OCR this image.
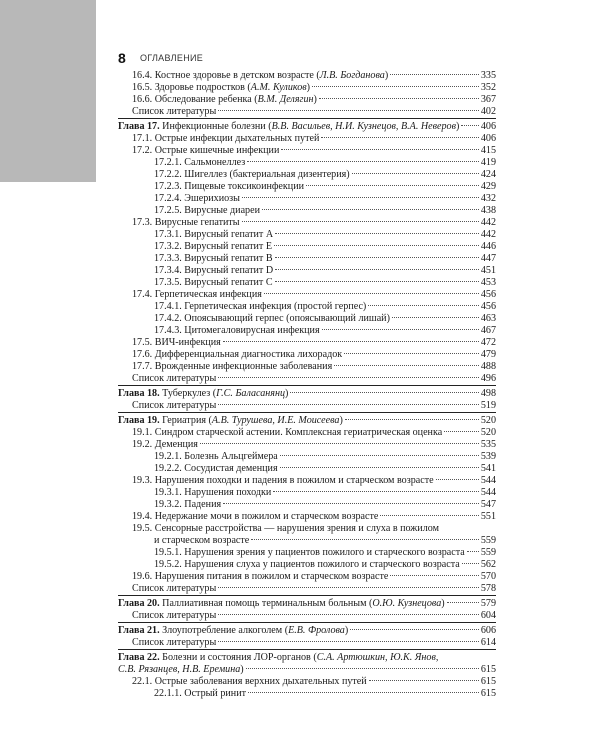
8 ОГЛАВЛЕНИЕ
16.4. Костное здоровье в детском возрасте (Л.В. Богданова)	335
16.5. Здоровье подростков (А.М. Куликов)	352
16.6. Обследование ребенка (В.М. Делягин)	367
Список литературы	402
Глава 17. Инфекционные болезни (В.В. Васильев, Н.И. Кузнецов, В.А. Неверов) 406
17.1. Острые инфекции дыхательных путей	406
17.2. Острые кишечные инфекции	415
17.2.1. Сальмонеллез	419
17.2.2. Шигеллез (бактериальная дизентерия)	424
17.2.3. Пищевые токсикоинфекции	429
17.2.4. Эшерихиозы	432
17.2.5. Вирусные диареи	438
17.3. Вирусные гепатиты	442
17.3.1. Вирусный гепатит A	442
17.3.2. Вирусный гепатит E	446
17.3.3. Вирусный гепатит B	447
17.3.4. Вирусный гепатит D	451
17.3.5. Вирусный гепатит C	453
17.4. Герпетическая инфекция	456
17.4.1. Герпетическая инфекция (простой герпес)	456
17.4.2. Опоясывающий герпес (опоясывающий лишай)	463
17.4.3. Цитомегаловирусная инфекция	467
17.5. ВИЧ-инфекция	472
17.6. Дифференциальная диагностика лихорадок	479
17.7. Врожденные инфекционные заболевания	488
Список литературы	496
Глава 18. Туберкулез (Г.С. Баласанянц)	498
Список литературы	519
Глава 19. Гериатрия (А.В. Турушева, И.Е. Моисеева)	520
19.1. Синдром старческой астении. Комплексная гериатрическая оценка	520
19.2. Деменция	535
19.2.1. Болезнь Альцгеймера	539
19.2.2. Сосудистая деменция	541
19.3. Нарушения походки и падения в пожилом и старческом возрасте	544
19.3.1. Нарушения походки	544
19.3.2. Падения	547
19.4. Недержание мочи в пожилом и старческом возрасте	551
19.5. Сенсорные расстройства — нарушения зрения и слуха в пожилом
и старческом возрасте	559
19.5.1. Нарушения зрения у пациентов пожилого и старческого возраста 559
19.5.2. Нарушения слуха у пациентов пожилого и старческого возраста 562
19.6. Нарушения питания в пожилом и старческом возрасте	570
Список литературы	578
Глава 20. Паллиативная помощь терминальным больным (О.Ю. Кузнецова)	579
Список литературы	604
Глава 21. Злоупотребление алкоголем (Е.В. Фролова)	606
Список литературы	614
Глава 22. Болезни и состояния ЛОР-органов (С.А. Артюшкин, Ю.К. Янов,
С.В. Рязанцев, Н.В. Еремина)	615
22.1. Острые заболевания верхних дыхательных путей	615
22.1.1. Острый ринит	615
